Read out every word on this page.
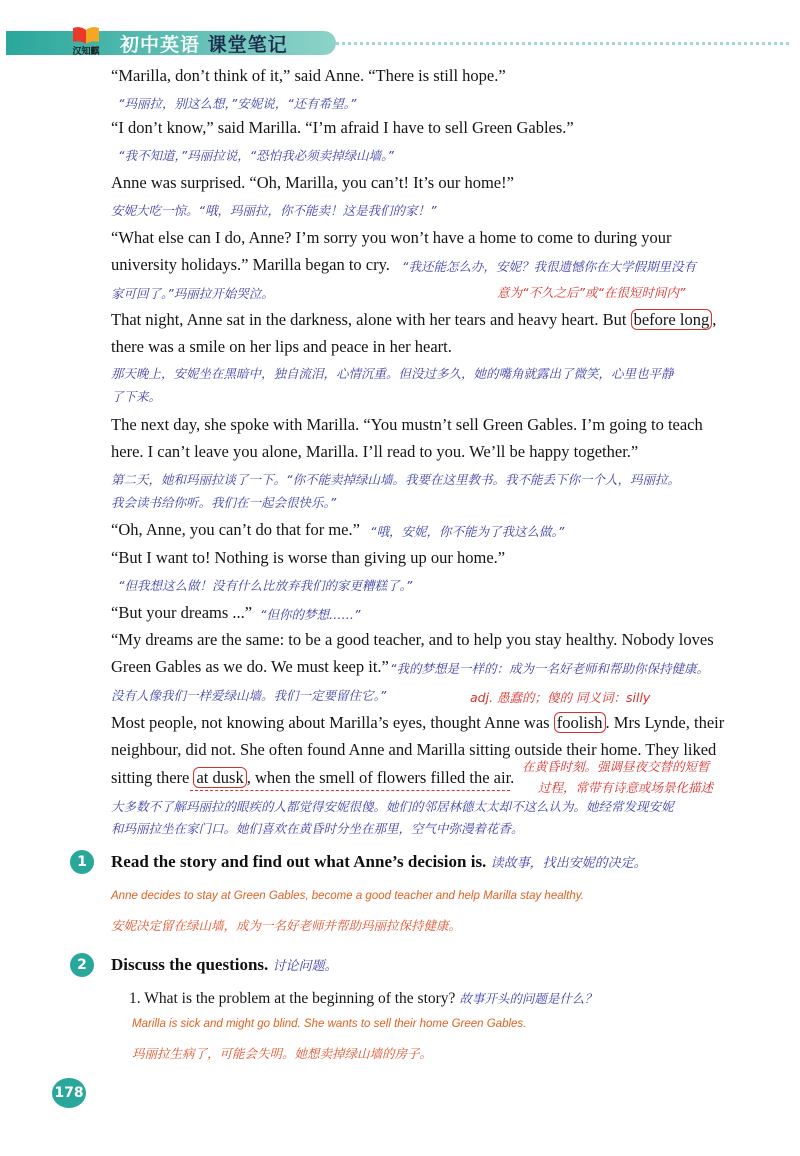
汉知麒	初中英语 课堂笔记
“Marilla, don’t think of it,” said Anne. “There is still hope.”
“玛丽拉，别这么想，”安妮说，“还有希望。”
“I don’t know,” said Marilla. “I’m afraid I have to sell Green Gables.”
“我不知道，”玛丽拉说，“恐怕我必须卖掉绿山墙。”
Anne was surprised. “Oh, Marilla, you can’t! It’s our home!”
安妮大吃一惊。“哦，玛丽拉，你不能卖！这是我们的家！”
“What else can I do, Anne? I’m sorry you won’t have a home to come to during your
university holidays.” Marilla began to cry. “我还能怎么办，安妮？我很遗憾你在大学假期里没有
家可回了。”玛丽拉开始哭泣。	意为“不久之后”或“在很短时间内”
That night, Anne sat in the darkness, alone with her tears and heavy heart. But before long ,
there was a smile on her lips and peace in her heart.
那天晚上，安妮坐在黑暗中，独自流泪，心情沉重。但没过多久，她的嘴角就露出了微笑，心里也平静
了下来。
The next day, she spoke with Marilla. “You mustn’t sell Green Gables. I’m going to teach
here. I can’t leave you alone, Marilla. I’ll read to you. We’ll be happy together.”
第二天，她和玛丽拉谈了一下。“你不能卖掉绿山墙。我要在这里教书。我不能丢下你一个人，玛丽拉。
我会读书给你听。我们在一起会很快乐。”
“Oh, Anne, you can’t do that for me.” “哦，安妮，你不能为了我这么做。”
“But I want to! Nothing is worse than giving up our home.”
“但我想这么做！没有什么比放弃我们的家更糟糕了。”
“But your dreams ...” “但你的梦想……”
“My dreams are the same: to be a good teacher, and to help you stay healthy. Nobody loves
Green Gables as we do. We must keep it.” “我的梦想是一样的：成为一名好老师和帮助你保持健康。
没有人像我们一样爱绿山墙。我们一定要留住它。”	adj. 愚蠢的；傻的 同义词：silly
Most people, not knowing about Marilla’s eyes, thought Anne was foolish . Mrs Lynde, their
neighbour, did not. She often found Anne and Marilla sitting outside their home. They liked
sitting there at dusk , when the smell of flowers filled the air.
在黄昏时刻。强调昼夜交替的短暂
过程，常带有诗意或场景化描述
大多数不了解玛丽拉的眼疾的人都觉得安妮很傻。她们的邻居林德太太却不这么认为。她经常发现安妮
和玛丽拉坐在家门口。她们喜欢在黄昏时分坐在那里，空气中弥漫着花香。
1	Read the story and find out what Anne’s decision is. 读故事，找出安妮的决定。
Anne decides to stay at Green Gables, become a good teacher and help Marilla stay healthy.
安妮决定留在绿山墙，成为一名好老师并帮助玛丽拉保持健康。
2	Discuss the questions. 讨论问题。
1. What is the problem at the beginning of the story? 故事开头的问题是什么？
Marilla is sick and might go blind. She wants to sell their home Green Gables.
玛丽拉生病了，可能会失明。她想卖掉绿山墙的房子。
178
